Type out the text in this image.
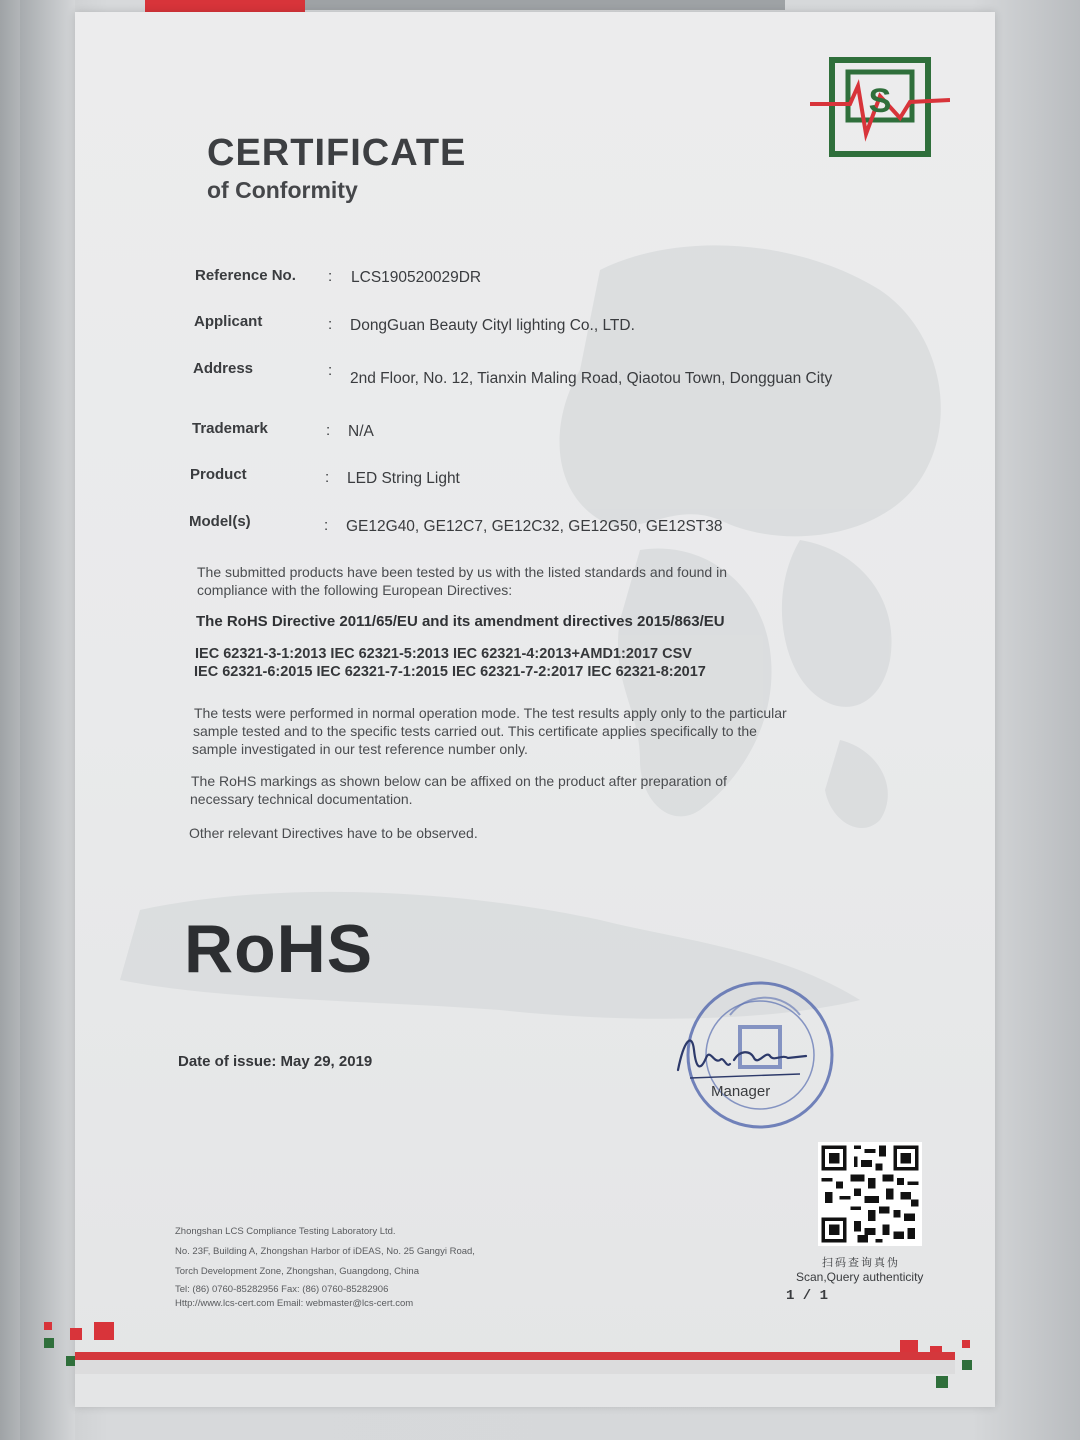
S
CERTIFICATE
of Conformity
Reference No. : LCS190520029DR
Applicant	: DongGuan Beauty Cityl lighting Co., LTD.
Address	: 2nd Floor, No. 12, Tianxin Maling Road, Qiaotou Town, Dongguan City
Trademark	: N/A
Product	: LED String Light
Model(s)	: GE12G40, GE12C7, GE12C32, GE12G50, GE12ST38

The submitted products have been tested by us with the listed standards and found in

compliance with the following European Directives:

The RoHS Directive 2011/65/EU and its amendment directives 2015/863/EU
IEC 62321-3-1:2013 IEC 62321-5:2013 IEC 62321-4:2013+AMD1:2017 CSV
IEC 62321-6:2015 IEC 62321-7-1:2015 IEC 62321-7-2:2017 IEC 62321-8:2017

The tests were performed in normal operation mode. The test results apply only to the particular

sample tested and to the specific tests carried out. This certificate applies specifically to the

sample investigated in our test reference number only.

The RoHS markings as shown below can be affixed on the product after preparation of

necessary technical documentation.

Other relevant Directives have to be observed.

RoHS
Date of issue: May 29, 2019
Manager
扫码查询真伪
Scan,Query authenticity
1 / 1
Zhongshan LCS Compliance Testing Laboratory Ltd.
No. 23F, Building A, Zhongshan Harbor of iDEAS, No. 25 Gangyi Road,
Torch Development Zone, Zhongshan, Guangdong, China
Tel: (86) 0760-85282956 Fax: (86) 0760-85282906
Http://www.lcs-cert.com Email: webmaster@lcs-cert.com
